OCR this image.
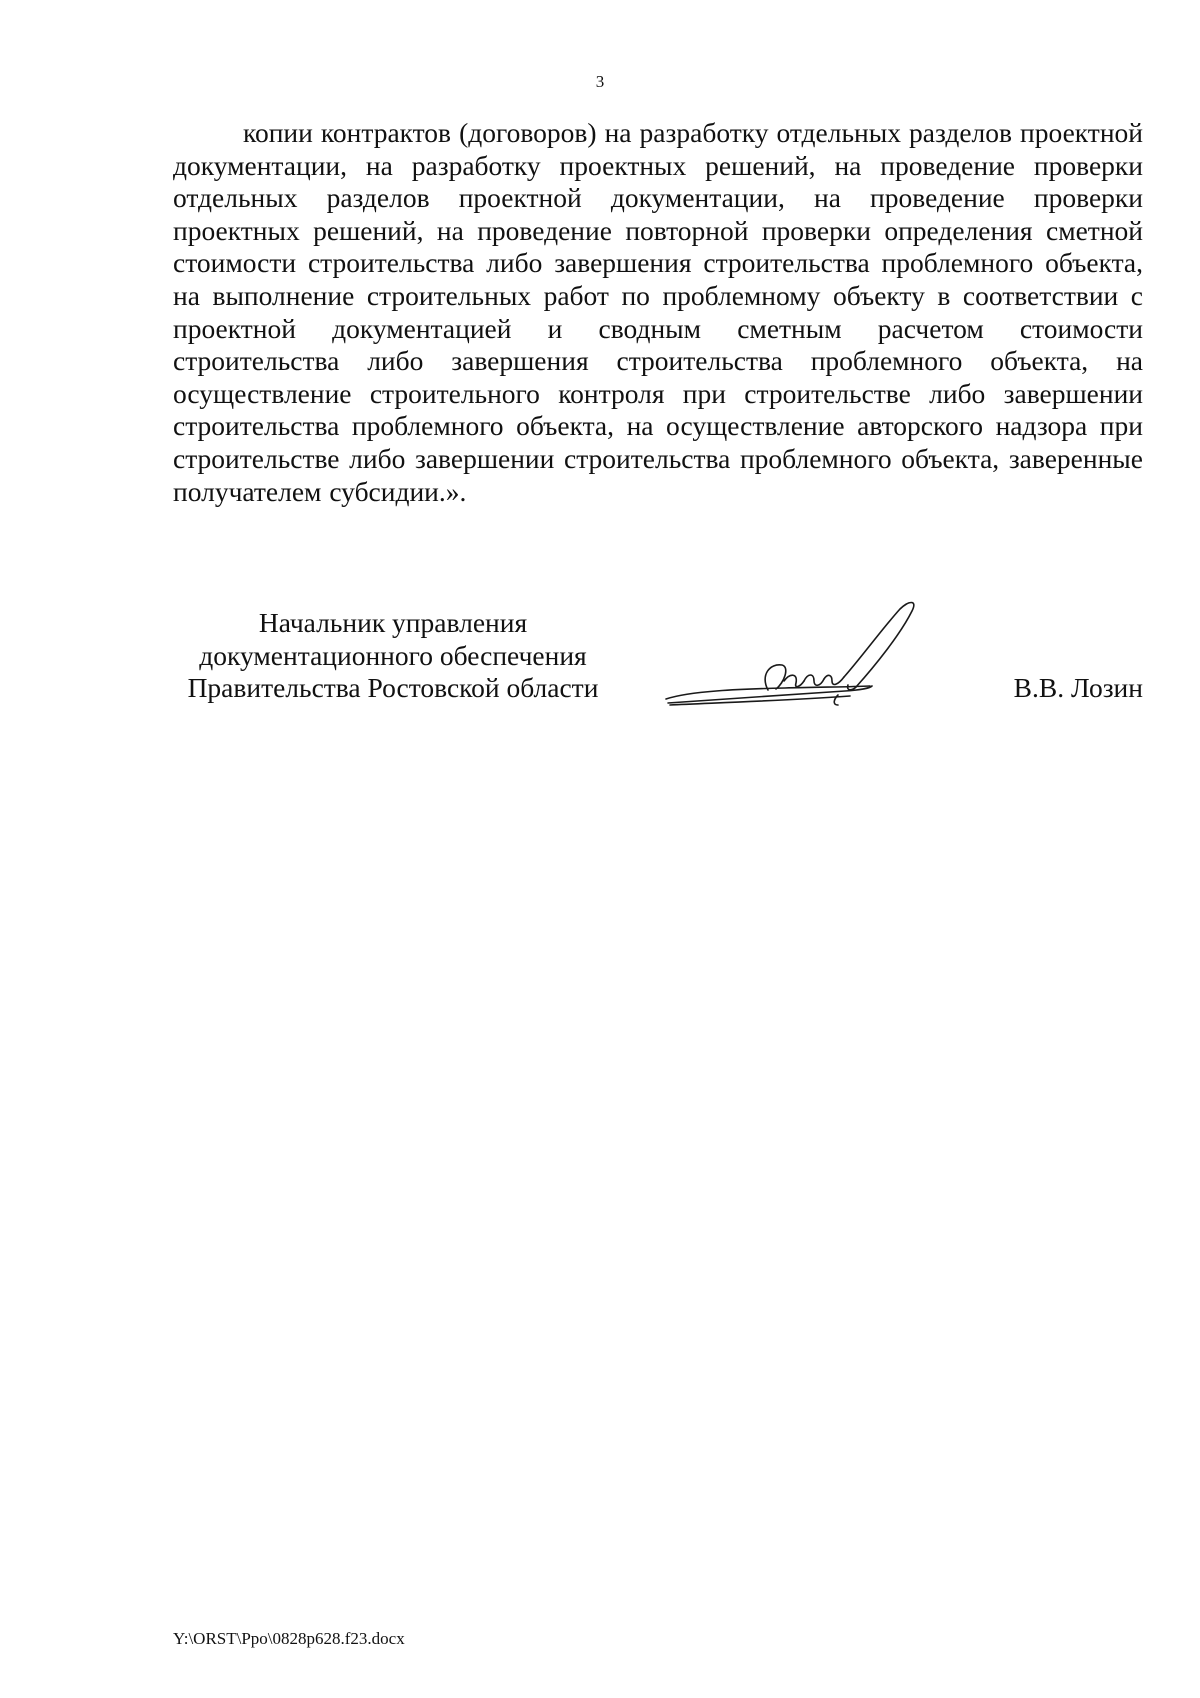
3

копии контрактов (договоров) на разработку отдельных разделов проектной документации, на разработку проектных решений, на проведение проверки отдельных разделов проектной документации, на проведение проверки проектных решений, на проведение повторной проверки определения сметной стоимости строительства либо завершения строительства проблемного объекта, на выполнение строительных работ по проблемному объекту в соответствии с проектной документацией и сводным сметным расчетом стоимости строительства либо завершения строительства проблемного объекта, на осуществление строительного контроля при строительстве либо завершении строительства проблемного объекта, на осуществление авторского надзора при строительстве либо завершении строительства проблемного объекта, заверенные получателем субсидии.».

Начальник управления
документационного обеспечения
Правительства Ростовской области	В.В. Лозин
Y:\ORST\Ppo\0828p628.f23.docx
